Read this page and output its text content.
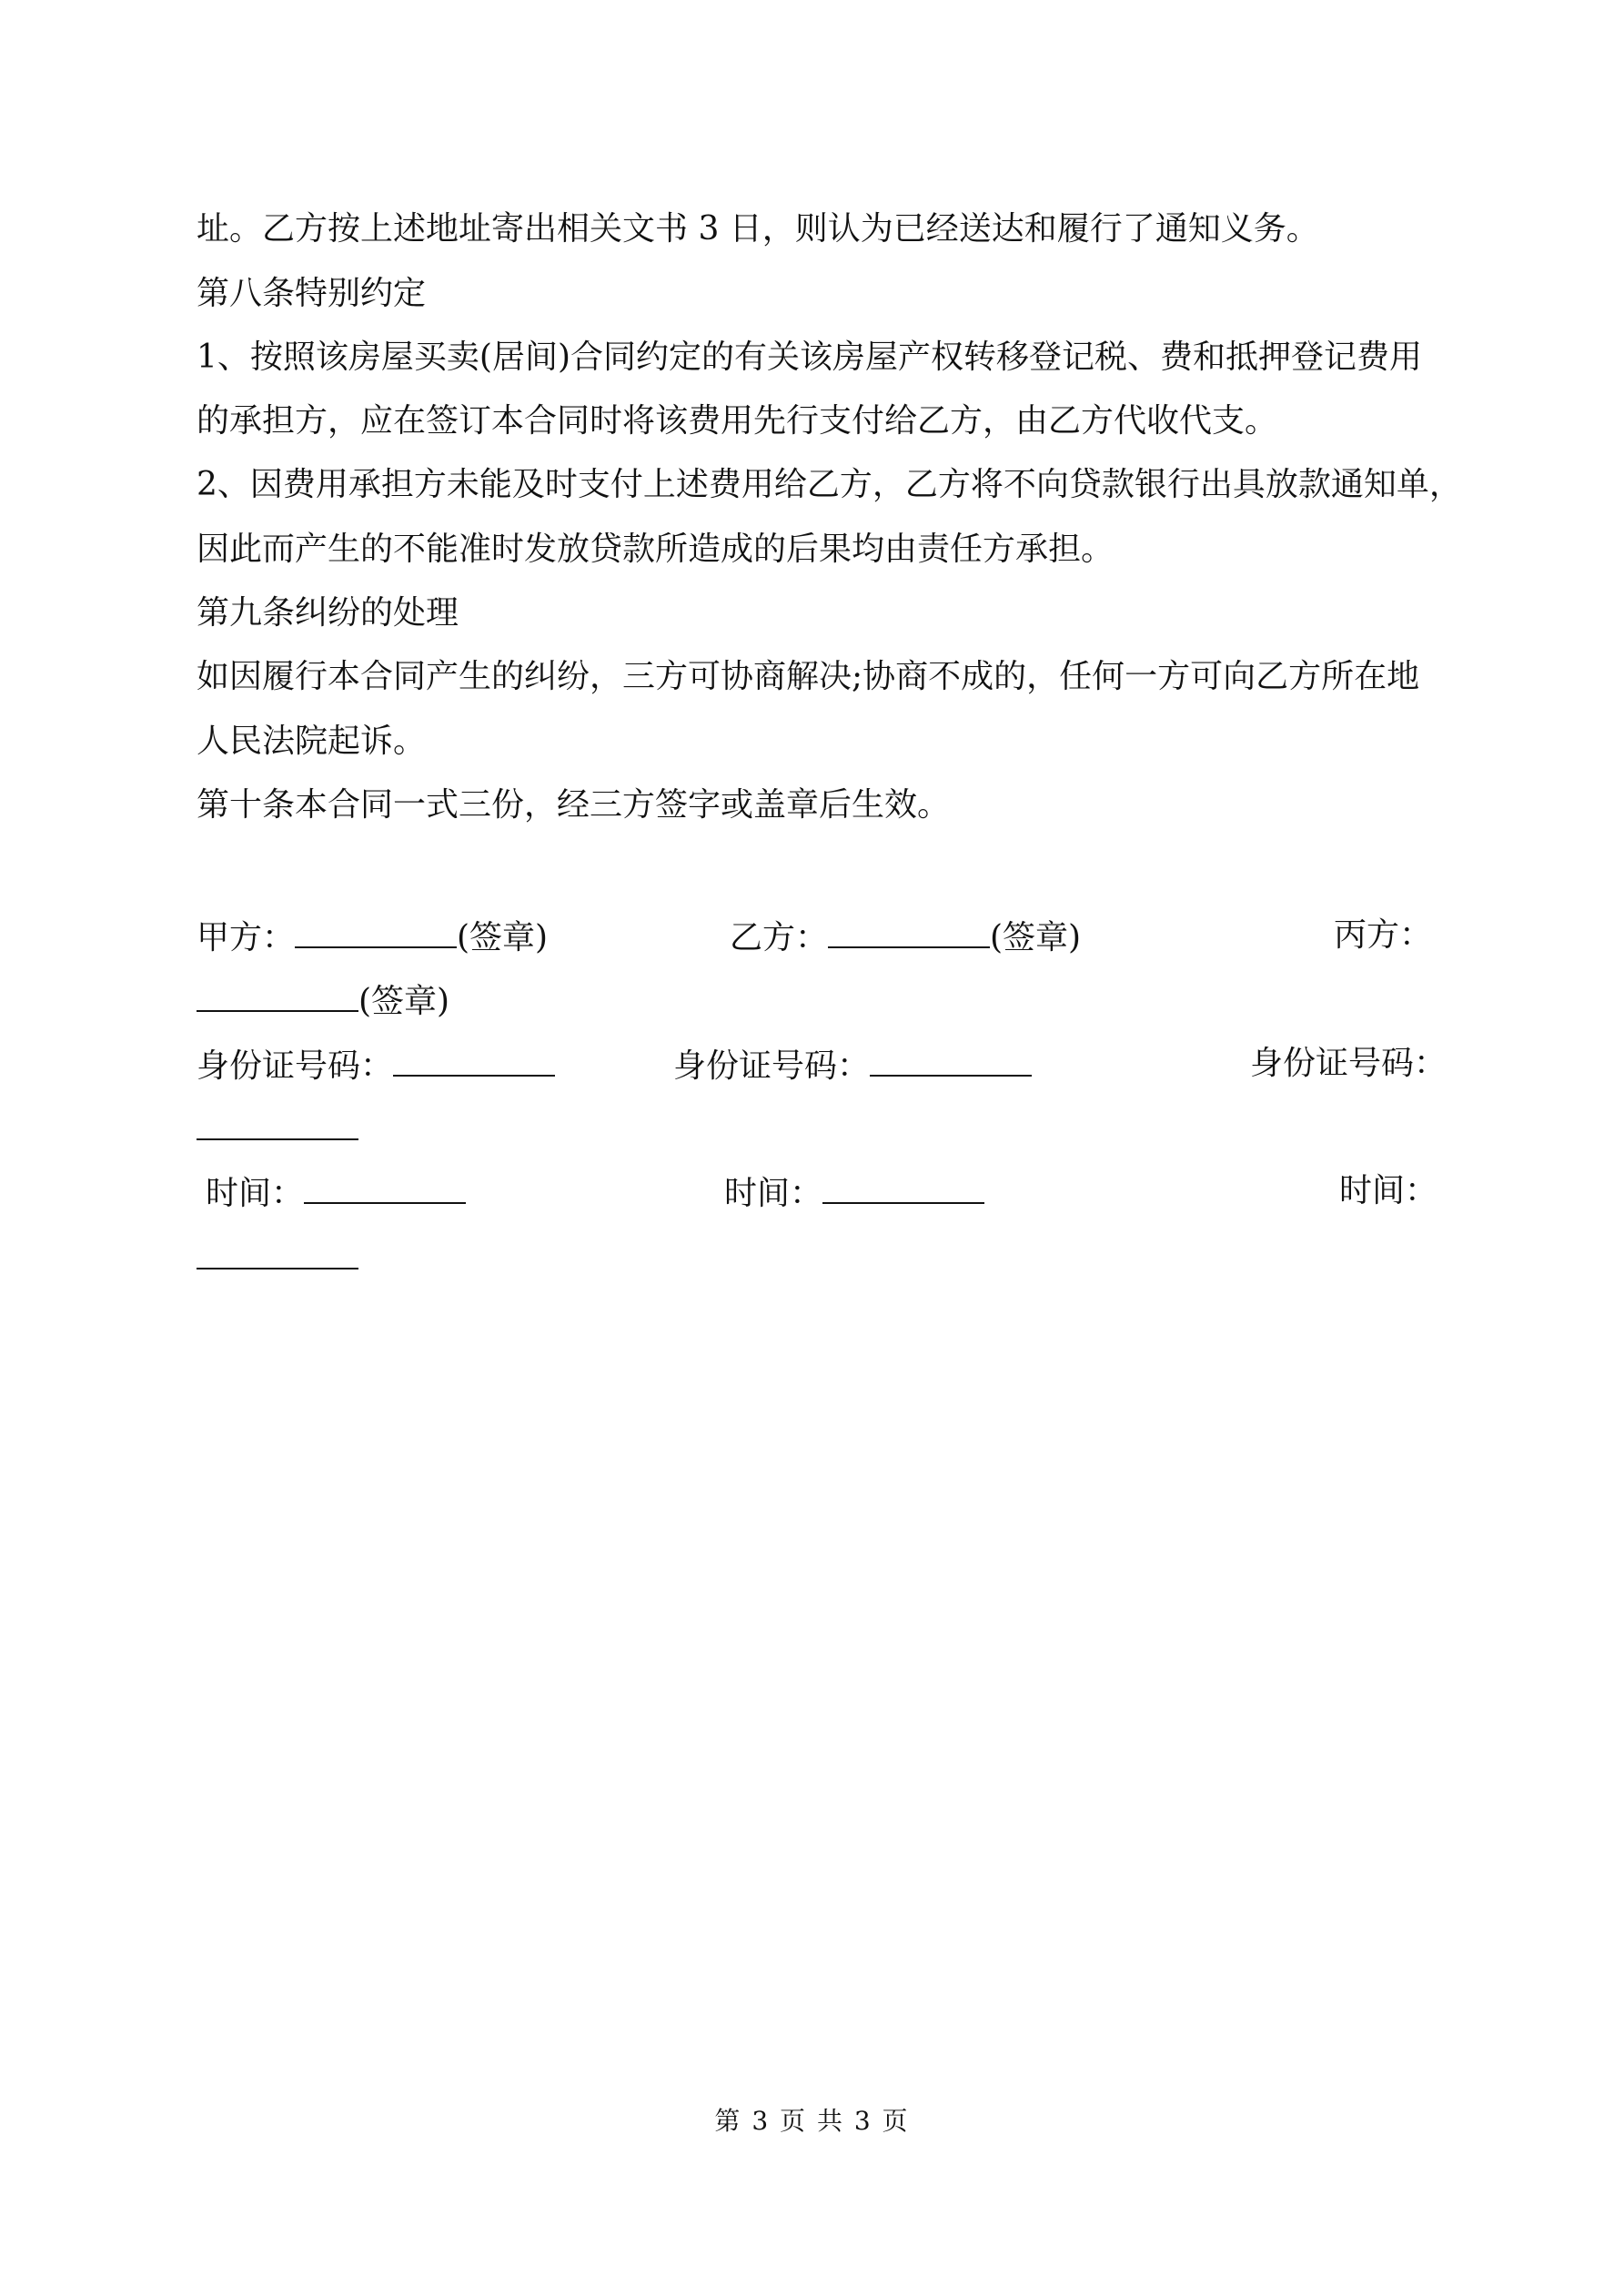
址。乙方按上述地址寄出相关文书 3 日，则认为已经送达和履行了通知义务。
第八条特别约定
1、按照该房屋买卖(居间)合同约定的有关该房屋产权转移登记税、费和抵押登记费用
的承担方，应在签订本合同时将该费用先行支付给乙方，由乙方代收代支。
2、因费用承担方未能及时支付上述费用给乙方，乙方将不向贷款银行出具放款通知单，
因此而产生的不能准时发放贷款所造成的后果均由责任方承担。
第九条纠纷的处理
如因履行本合同产生的纠纷，三方可协商解决;协商不成的，任何一方可向乙方所在地
人民法院起诉。
第十条本合同一式三份，经三方签字或盖章后生效。
甲方：	(签章)	乙方：	(签章)	丙方：
(签章)
身份证号码：	身份证号码：	身份证号码：
时间：	时间：	时间：
第 3 页 共 3 页
